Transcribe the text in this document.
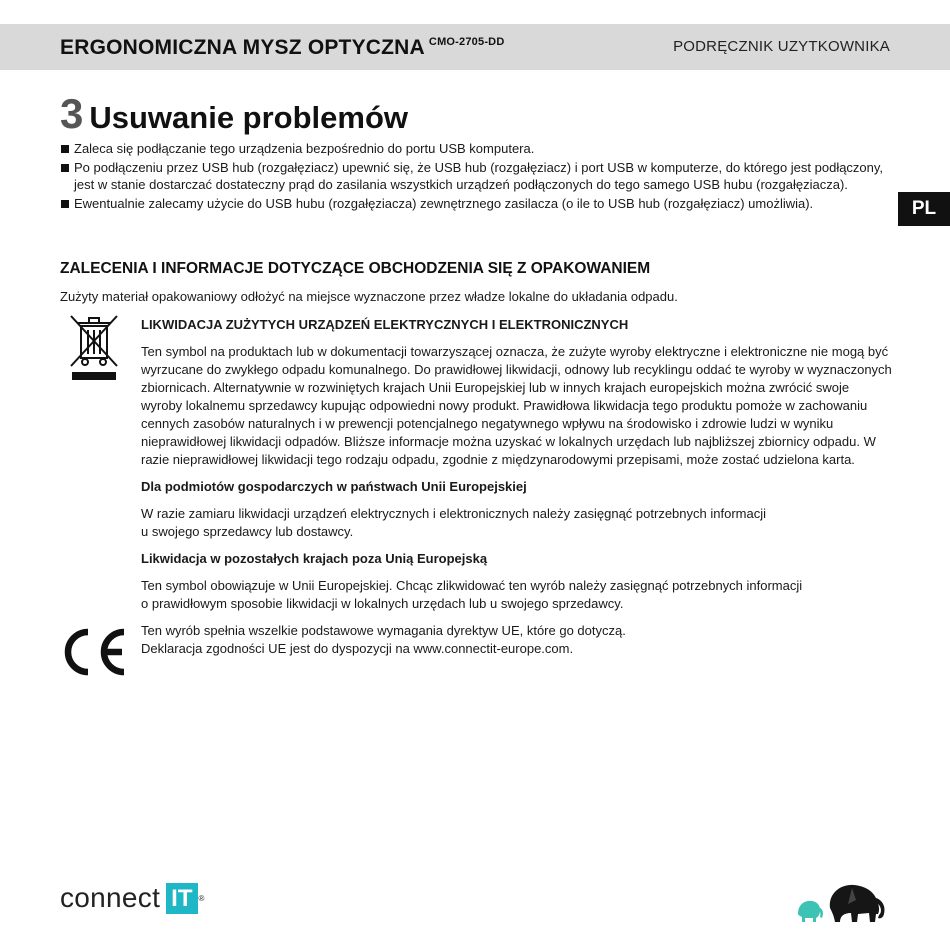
ERGONOMICZNA MYSZ OPTYCZNA $^{CMO-2705-DD}$	PODRĘCZNIK UZYTKOWNIKA
PL
3 Usuwanie problemów
Zaleca się podłączanie tego urządzenia bezpośrednio do portu USB komputera.
Po podłączeniu przez USB hub (rozgałęziacz) upewnić się, że USB hub (rozgałęziacz) i port USB w komputerze, do którego jest podłączony, jest w stanie dostarczać dostateczny prąd do zasilania wszystkich urządzeń podłączonych do tego samego USB hubu (rozgałęziacza).
Ewentualnie zalecamy użycie do USB hubu (rozgałęziacza) zewnętrznego zasilacza (o ile to USB hub (rozgałęziacz) umożliwia).
ZALECENIA I INFORMACJE DOTYCZĄCE OBCHODZENIA SIĘ Z OPAKOWANIEM
Zużyty materiał opakowaniowy odłożyć na miejsce wyznaczone przez władze lokalne do układania odpadu.

LIKWIDACJA ZUŻYTYCH URZĄDZEŃ ELEKTRYCZNYCH I ELEKTRONICZNYCH

Ten symbol na produktach lub w dokumentacji towarzyszącej oznacza, że zużyte wyroby elektryczne i elektroniczne nie mogą być wyrzucane do zwykłego odpadu komunalnego. Do prawidłowej likwidacji, odnowy lub recyklingu oddać te wyroby w wyznaczonych zbiornicach. Alternatywnie w rozwiniętych krajach Unii Europejskiej lub w innych krajach europejskich można zwrócić swoje wyroby lokalnemu sprzedawcy kupując odpowiedni nowy produkt. Prawidłowa likwidacja tego produktu pomoże w zachowaniu cennych zasobów naturalnych i w prewencji potencjalnego negatywnego wpływu na środowisko i zdrowie ludzi w wyniku nieprawidłowej likwidacji odpadów. Bliższe informacje można uzyskać w lokalnych urzędach lub najbliższej zbiornicy odpadu. W razie nieprawidłowej likwidacji tego rodzaju odpadu, zgodnie z międzynarodowymi przepisami, może zostać udzielona karta.

Dla podmiotów gospodarczych w państwach Unii Europejskiej

W razie zamiaru likwidacji urządzeń elektrycznych i elektronicznych należy zasięgnąć potrzebnych informacji

u swojego sprzedawcy lub dostawcy.

Likwidacja w pozostałych krajach poza Unią Europejską

Ten symbol obowiązuje w Unii Europejskiej. Chcąc zlikwidować ten wyrób należy zasięgnąć potrzebnych informacji

o prawidłowym sposobie likwidacji w lokalnych urzędach lub u swojego sprzedawcy.

Ten wyrób spełnia wszelkie podstawowe wymagania dyrektyw UE, które go dotyczą.

Deklaracja zgodności UE jest do dyspozycji na www.connectit-europe.com.

connect IT ®
